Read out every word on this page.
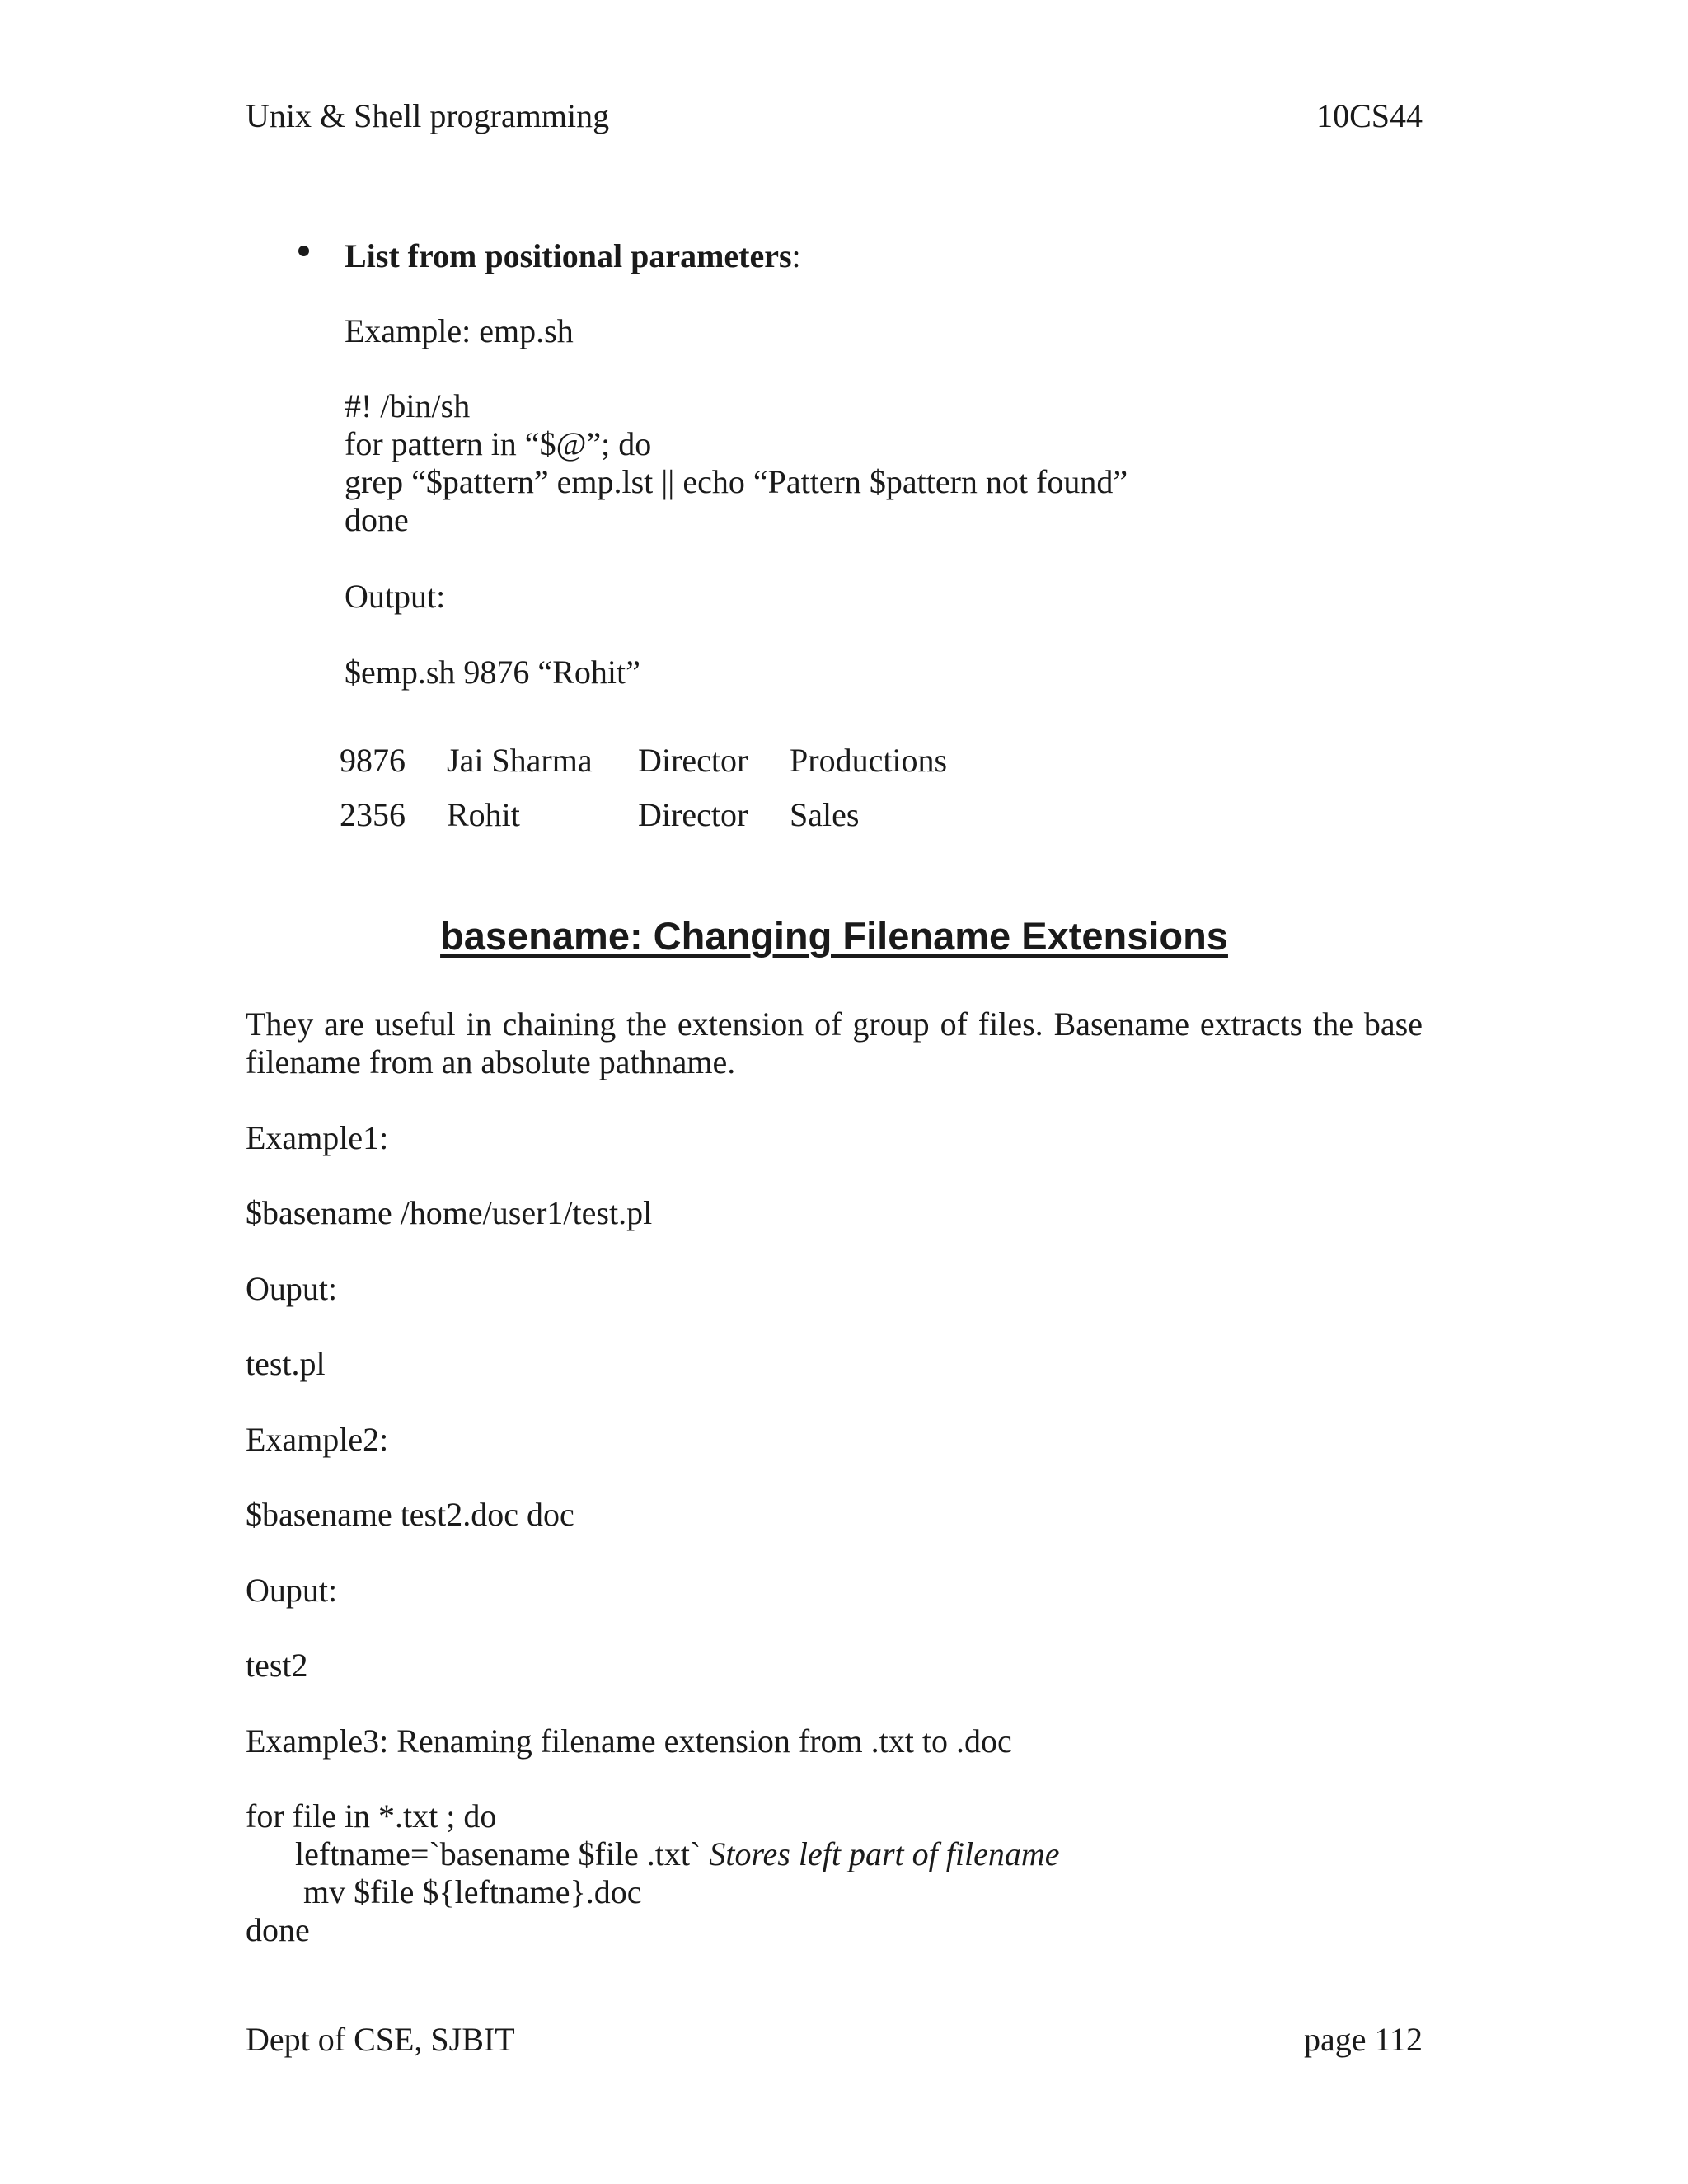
Unix & Shell programming	10CS44
List from positional parameters:
Example: emp.sh
#! /bin/sh
for pattern in “$@”; do
grep “$pattern” emp.lst || echo “Pattern $pattern not found”
done
Output:
$emp.sh 9876 “Rohit”
9876	Jai Sharma	Director	Productions
2356	Rohit	Director	Sales
basename: Changing Filename Extensions
They are useful in chaining the extension of group of files. Basename extracts the base filename from an absolute pathname.
Example1:
$basename /home/user1/test.pl
Ouput:
test.pl
Example2:
$basename test2.doc doc
Ouput:
test2
Example3: Renaming filename extension from .txt to .doc
for file in *.txt ; do
leftname=`basename $file .txt` Stores left part of filename
mv $file ${leftname}.doc
done
Dept of CSE, SJBIT	page 112
